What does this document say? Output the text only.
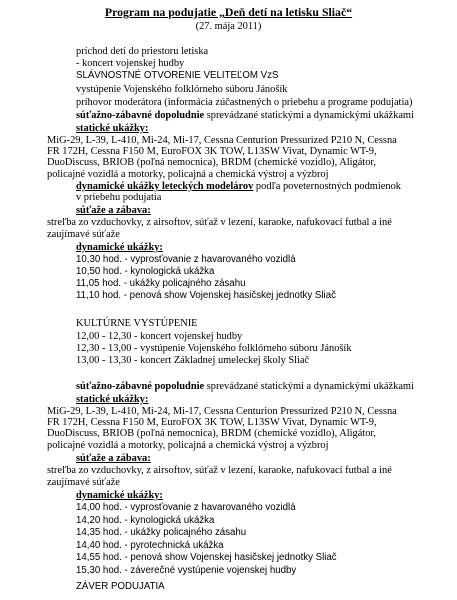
Program na podujatie „Deň detí na letisku Sliač“
(27. mája 2011)
príchod detí do priestoru letiska
- koncert vojenskej hudby
SLÁVNOSTNÉ OTVORENIE VELITEĽOM VzS
vystúpenie Vojenského folklórneho súboru Jánošík
príhovor moderátora (informácia zúčastnených o priebehu a programe podujatia)
súťažno-zábavné dopoludnie sprevádzané statickými a dynamickými ukážkami
statické ukážky:
MiG-29, L-39, L-410, Mi-24, Mi-17, Cessna Centurion Pressurized P210 N, Cessna
FR 172H, Cessna F150 M, EuroFOX 3K TOW, L13SW Vivat, Dynamic WT-9,
DuoDiscuss, BRIOB (poľná nemocnica), BRDM (chemické vozidlo), Aligátor,
policajné vozidlá a motorky, policajná a chemická výstroj a výzbroj
dynamické ukážky leteckých modelárov podľa poveternostných podmienok
v priebehu podujatia
súťaže a zábava:
streľba zo vzduchovky, z airsoftov, súťaž v lezení, karaoke, nafukovací futbal a iné
zaujímavé súťaže
dynamické ukážky:
10,30 hod. - vyprosťovanie z havarovaného vozidlá
10,50 hod. - kynologická ukážka
11,05 hod. - ukážky policajného zásahu
11,10 hod. - penová show Vojenskej hasičskej jednotky Sliač
KULTÚRNE VYSTÚPENIE
12,00 - 12,30 - koncert vojenskej hudby
12,30 - 13,00 - vystúpenie Vojenského folklórneho súboru Jánošík
13,00 - 13,30 - koncert Základnej umeleckej školy Sliač
súťažno-zábavné popoludnie sprevádzané statickými a dynamickými ukážkami
statické ukážky:
MiG-29, L-39, L-410, Mi-24, Mi-17, Cessna Centurion Pressurized P210 N, Cessna
FR 172H, Cessna F150 M, EuroFOX 3K TOW, L13SW Vivat, Dynamic WT-9,
DuoDiscuss, BRIOB (poľná nemocnica), BRDM (chemické vozidlo), Aligátor,
policajné vozidlá a motorky, policajná a chemická výstroj a výzbroj
súťaže a zábava:
streľba zo vzduchovky, z airsoftov, súťaž v lezení, karaoke, nafukovací futbal a iné
zaujímavé súťaže
dynamické ukážky:
14,00 hod. - vyprosťovanie z havarovaného vozidlá
14,20 hod. - kynologická ukážka
14,35 hod. - ukážky policajného zásahu
14,40 hod. - pyrotechnická ukážka
14,55 hod. - penová show Vojenskej hasičskej jednotky Sliač
15,30 hod. - záverečné vystúpenie vojenskej hudby
ZÁVER PODUJATIA
